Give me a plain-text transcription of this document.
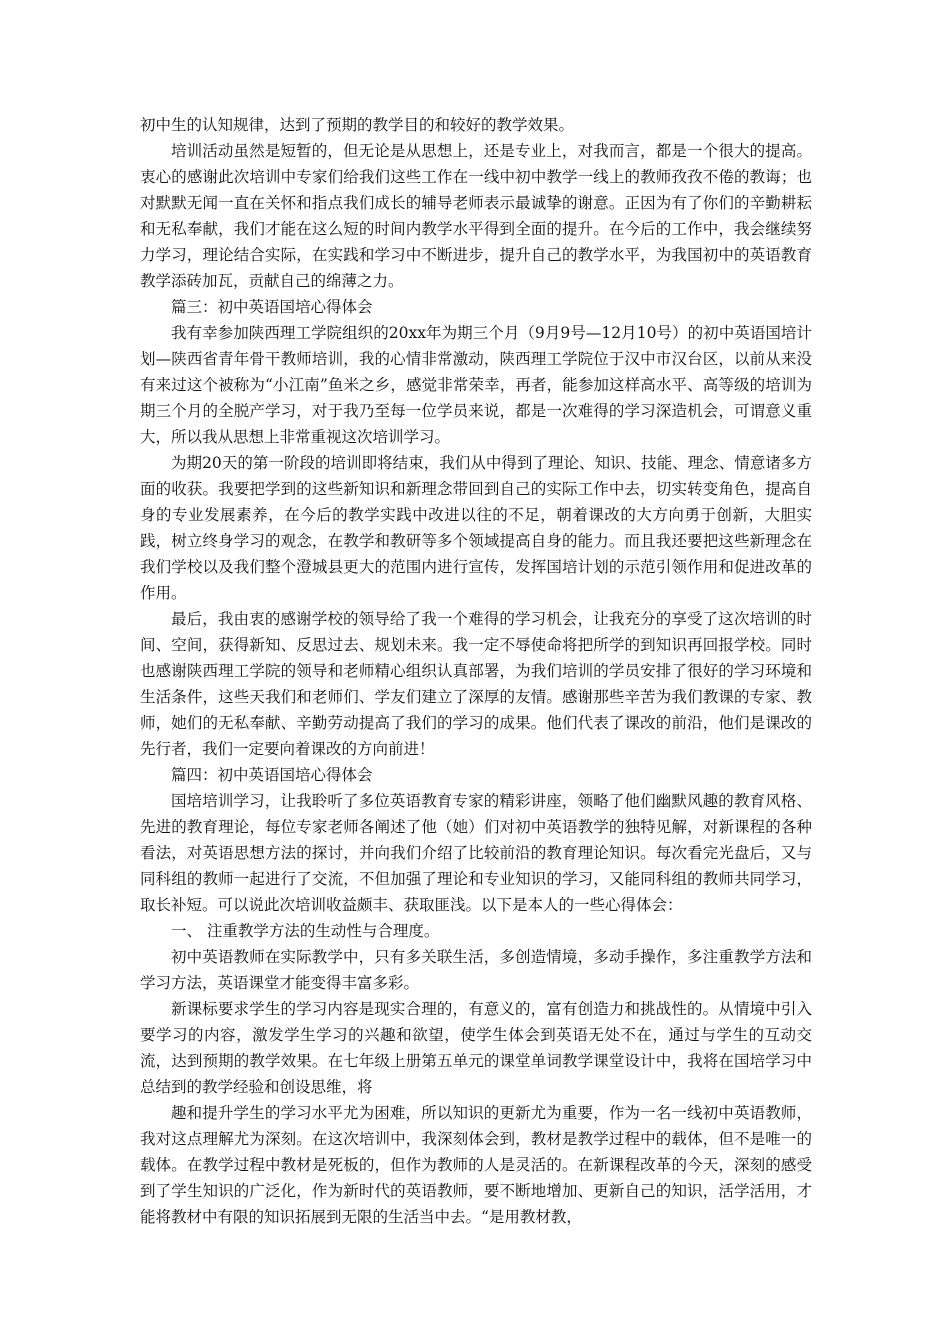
初中生的认知规律，达到了预期的教学目的和较好的教学效果。

培训活动虽然是短暂的，但无论是从思想上，还是专业上，对我而言，都是一个很大的提高。衷心的感谢此次培训中专家们给我们这些工作在一线中初中教学一线上的教师孜孜不倦的教诲；也对默默无闻一直在关怀和指点我们成长的辅导老师表示最诚挚的谢意。正因为有了你们的辛勤耕耘和无私奉献，我们才能在这么短的时间内教学水平得到全面的提升。在今后的工作中，我会继续努力学习，理论结合实际，在实践和学习中不断进步，提升自己的教学水平，为我国初中的英语教育教学添砖加瓦，贡献自己的绵薄之力。

篇三：初中英语国培心得体会

我有幸参加陕西理工学院组织的20xx年为期三个月（9月9号—12月10号）的初中英语国培计划—陕西省青年骨干教师培训，我的心情非常激动，陕西理工学院位于汉中市汉台区，以前从来没有来过这个被称为“小江南”鱼米之乡，感觉非常荣幸，再者，能参加这样高水平、高等级的培训为期三个月的全脱产学习，对于我乃至每一位学员来说，都是一次难得的学习深造机会，可谓意义重大，所以我从思想上非常重视这次培训学习。

为期20天的第一阶段的培训即将结束，我们从中得到了理论、知识、技能、理念、情意诸多方面的收获。我要把学到的这些新知识和新理念带回到自己的实际工作中去，切实转变角色，提高自身的专业发展素养，在今后的教学实践中改进以往的不足，朝着课改的大方向勇于创新，大胆实践，树立终身学习的观念，在教学和教研等多个领域提高自身的能力。而且我还要把这些新理念在我们学校以及我们整个澄城县更大的范围内进行宣传，发挥国培计划的示范引领作用和促进改革的作用。

最后，我由衷的感谢学校的领导给了我一个难得的学习机会，让我充分的享受了这次培训的时间、空间，获得新知、反思过去、规划未来。我一定不辱使命将把所学的到知识再回报学校。同时也感谢陕西理工学院的领导和老师精心组织认真部署，为我们培训的学员安排了很好的学习环境和生活条件，这些天我们和老师们、学友们建立了深厚的友情。感谢那些辛苦为我们教课的专家、教师，她们的无私奉献、辛勤劳动提高了我们的学习的成果。他们代表了课改的前沿，他们是课改的先行者，我们一定要向着课改的方向前进！

篇四：初中英语国培心得体会

国培培训学习，让我聆听了多位英语教育专家的精彩讲座，领略了他们幽默风趣的教育风格、先进的教育理论，每位专家老师各阐述了他（她）们对初中英语教学的独特见解，对新课程的各种看法，对英语思想方法的探讨，并向我们介绍了比较前沿的教育理论知识。每次看完光盘后，又与同科组的教师一起进行了交流，不但加强了理论和专业知识的学习，又能同科组的教师共同学习，取长补短。可以说此次培训收益颇丰、获取匪浅。以下是本人的一些心得体会：

一、 注重教学方法的生动性与合理度。

初中英语教师在实际教学中，只有多关联生活，多创造情境，多动手操作，多注重教学方法和学习方法，英语课堂才能变得丰富多彩。

新课标要求学生的学习内容是现实合理的，有意义的，富有创造力和挑战性的。从情境中引入要学习的内容，激发学生学习的兴趣和欲望，使学生体会到英语无处不在，通过与学生的互动交流，达到预期的教学效果。在七年级上册第五单元的课堂单词教学课堂设计中，我将在国培学习中总结到的教学经验和创设思维，将

趣和提升学生的学习水平尤为困难，所以知识的更新尤为重要，作为一名一线初中英语教师，我对这点理解尤为深刻。在这次培训中，我深刻体会到，教材是教学过程中的载体，但不是唯一的载体。在教学过程中教材是死板的，但作为教师的人是灵活的。在新课程改革的今天，深刻的感受到了学生知识的广泛化，作为新时代的英语教师，要不断地增加、更新自己的知识，活学活用，才能将教材中有限的知识拓展到无限的生活当中去。“是用教材教，
